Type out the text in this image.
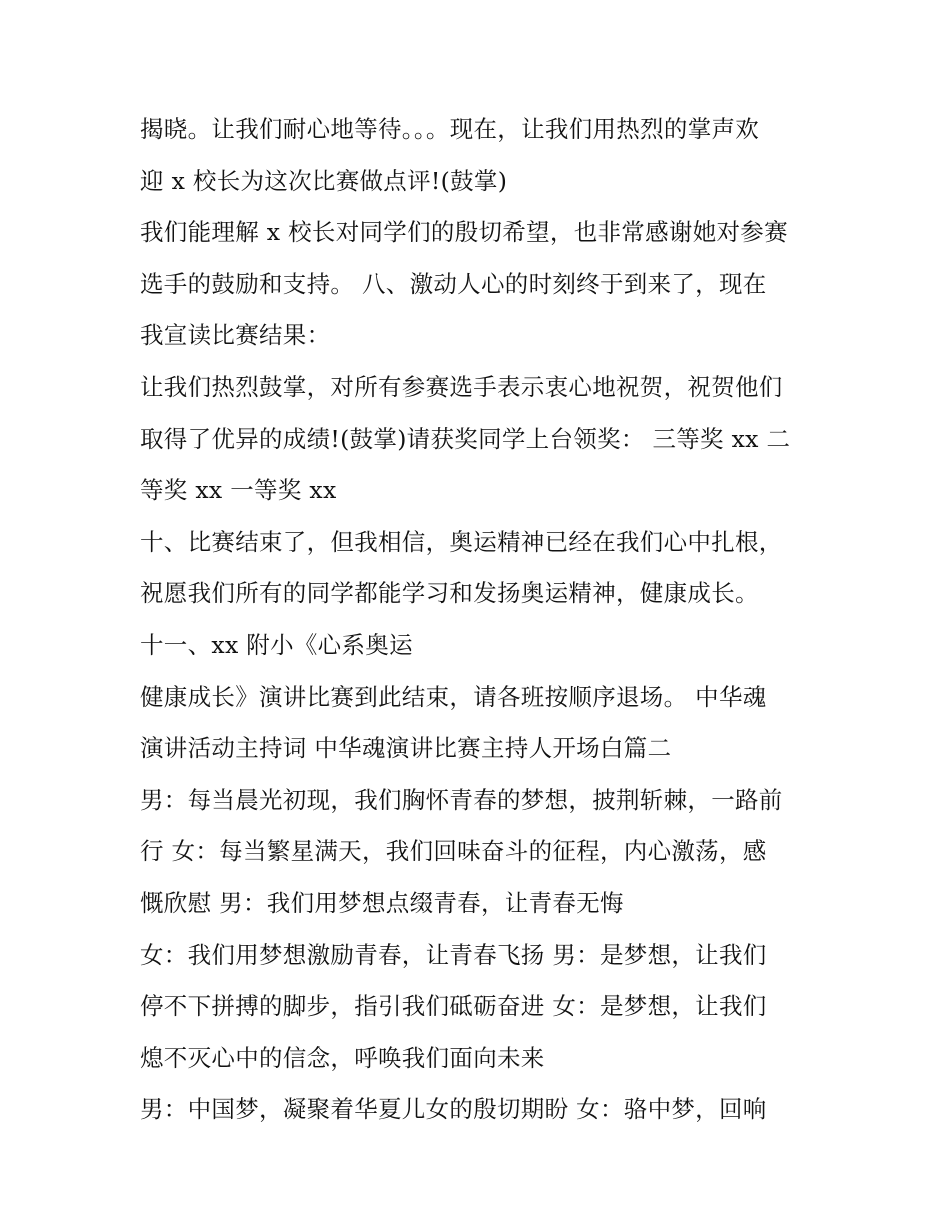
揭晓。让我们耐心地等待。。。现在，让我们用热烈的掌声欢
迎 x 校长为这次比赛做点评!(鼓掌)
我们能理解 x 校长对同学们的殷切希望，也非常感谢她对参赛
选手的鼓励和支持。 八、激动人心的时刻终于到来了，现在
我宣读比赛结果：
让我们热烈鼓掌，对所有参赛选手表示衷心地祝贺，祝贺他们
取得了优异的成绩!(鼓掌)请获奖同学上台领奖： 三等奖 xx 二
等奖 xx 一等奖 xx
十、比赛结束了，但我相信，奥运精神已经在我们心中扎根，
祝愿我们所有的同学都能学习和发扬奥运精神，健康成长。
十一、xx 附小《心系奥运
健康成长》演讲比赛到此结束，请各班按顺序退场。 中华魂
演讲活动主持词 中华魂演讲比赛主持人开场白篇二
男：每当晨光初现，我们胸怀青春的梦想，披荆斩棘，一路前
行 女：每当繁星满天，我们回味奋斗的征程，内心激荡，感
慨欣慰 男：我们用梦想点缀青春，让青春无悔
女：我们用梦想激励青春，让青春飞扬 男：是梦想，让我们
停不下拼搏的脚步，指引我们砥砺奋进 女：是梦想，让我们
熄不灭心中的信念，呼唤我们面向未来
男：中国梦，凝聚着华夏儿女的殷切期盼 女：骆中梦，回响
